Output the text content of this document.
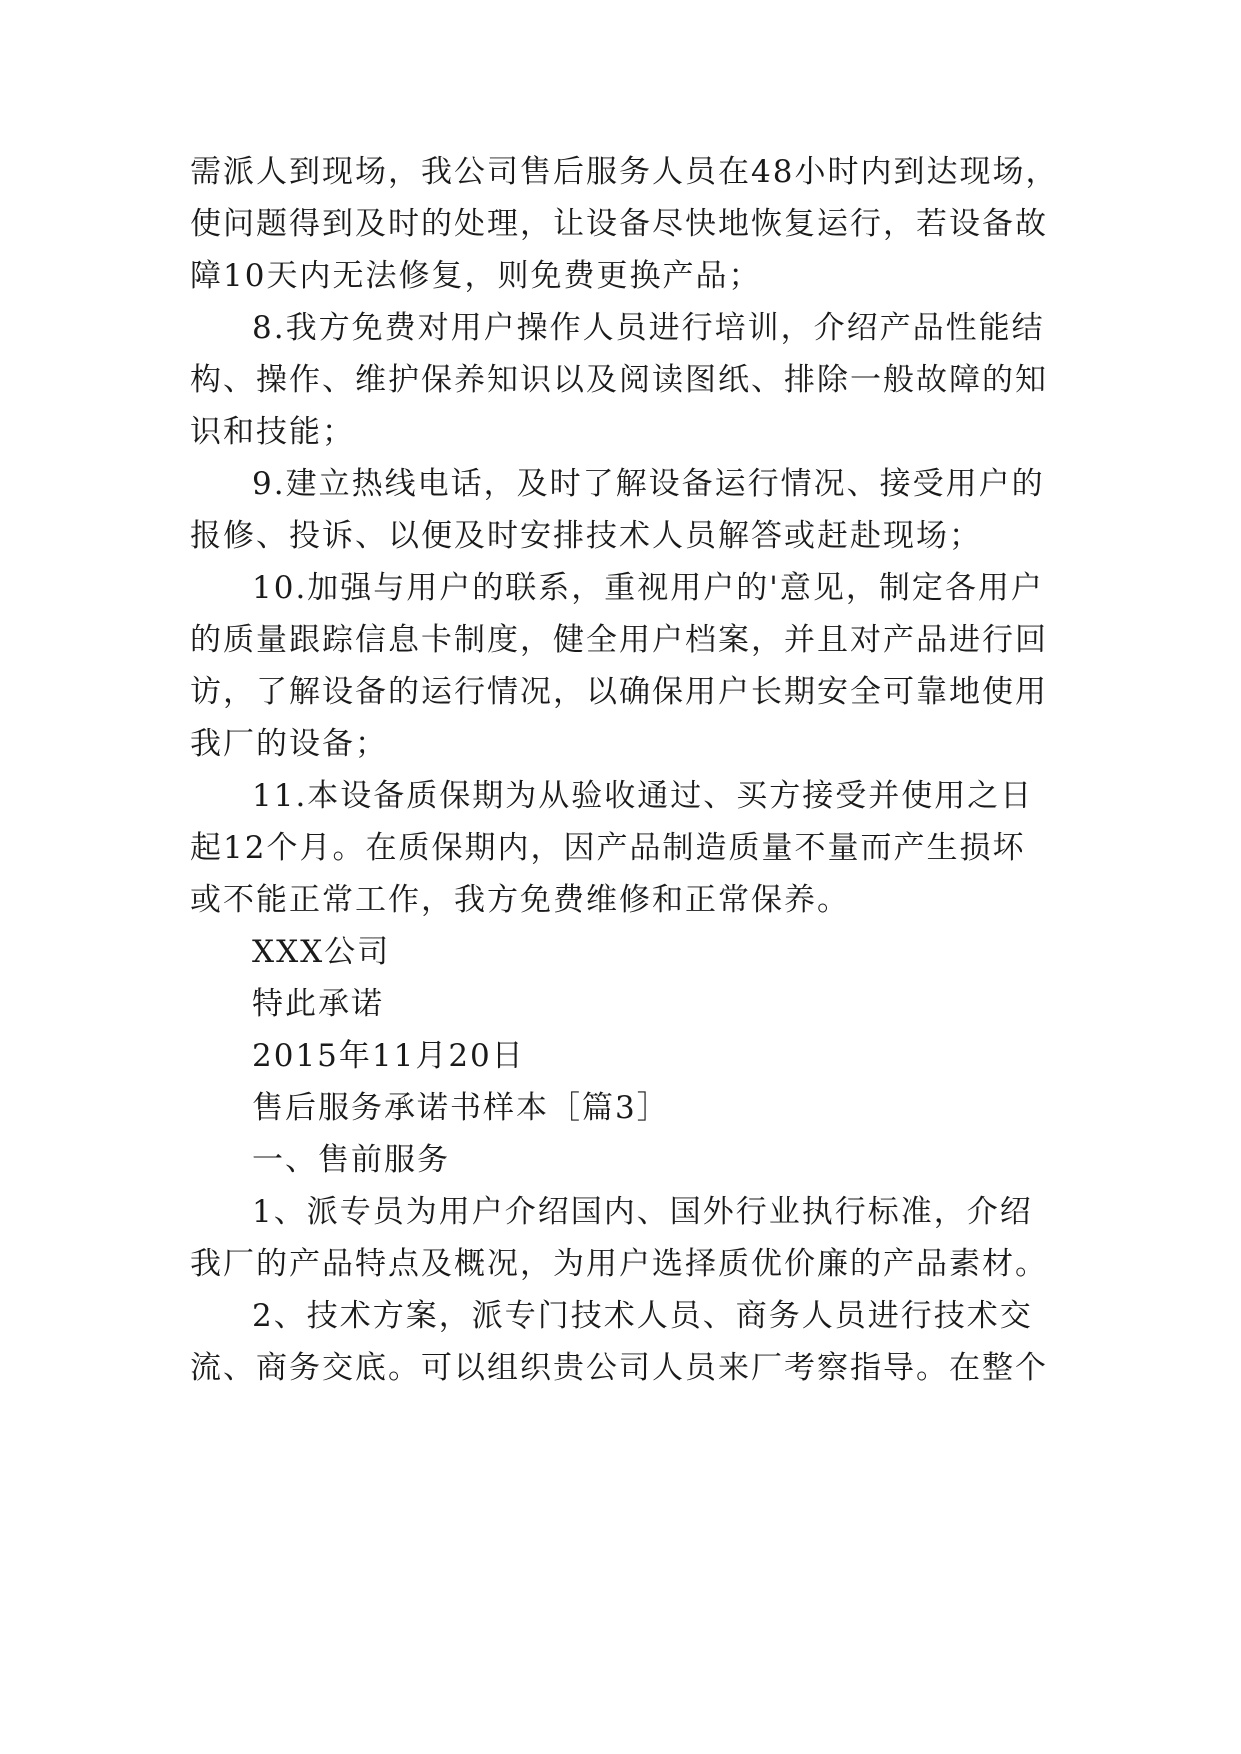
需派人到现场，我公司售后服务人员在48小时内到达现场，
使问题得到及时的处理，让设备尽快地恢复运行，若设备故
障10天内无法修复，则免费更换产品；
8.我方免费对用户操作人员进行培训，介绍产品性能结
构、操作、维护保养知识以及阅读图纸、排除一般故障的知
识和技能；
9.建立热线电话，及时了解设备运行情况、接受用户的
报修、投诉、以便及时安排技术人员解答或赶赴现场；
10.加强与用户的联系，重视用户的'意见，制定各用户
的质量跟踪信息卡制度，健全用户档案，并且对产品进行回
访，了解设备的运行情况，以确保用户长期安全可靠地使用
我厂的设备；
11.本设备质保期为从验收通过、买方接受并使用之日
起12个月。在质保期内，因产品制造质量不量而产生损坏
或不能正常工作，我方免费维修和正常保养。
XXX公司
特此承诺
2015年11月20日
售后服务承诺书样本［篇3］
一、售前服务
1、派专员为用户介绍国内、国外行业执行标准，介绍
我厂的产品特点及概况，为用户选择质优价廉的产品素材。
2、技术方案，派专门技术人员、商务人员进行技术交
流、商务交底。可以组织贵公司人员来厂考察指导。在整个
